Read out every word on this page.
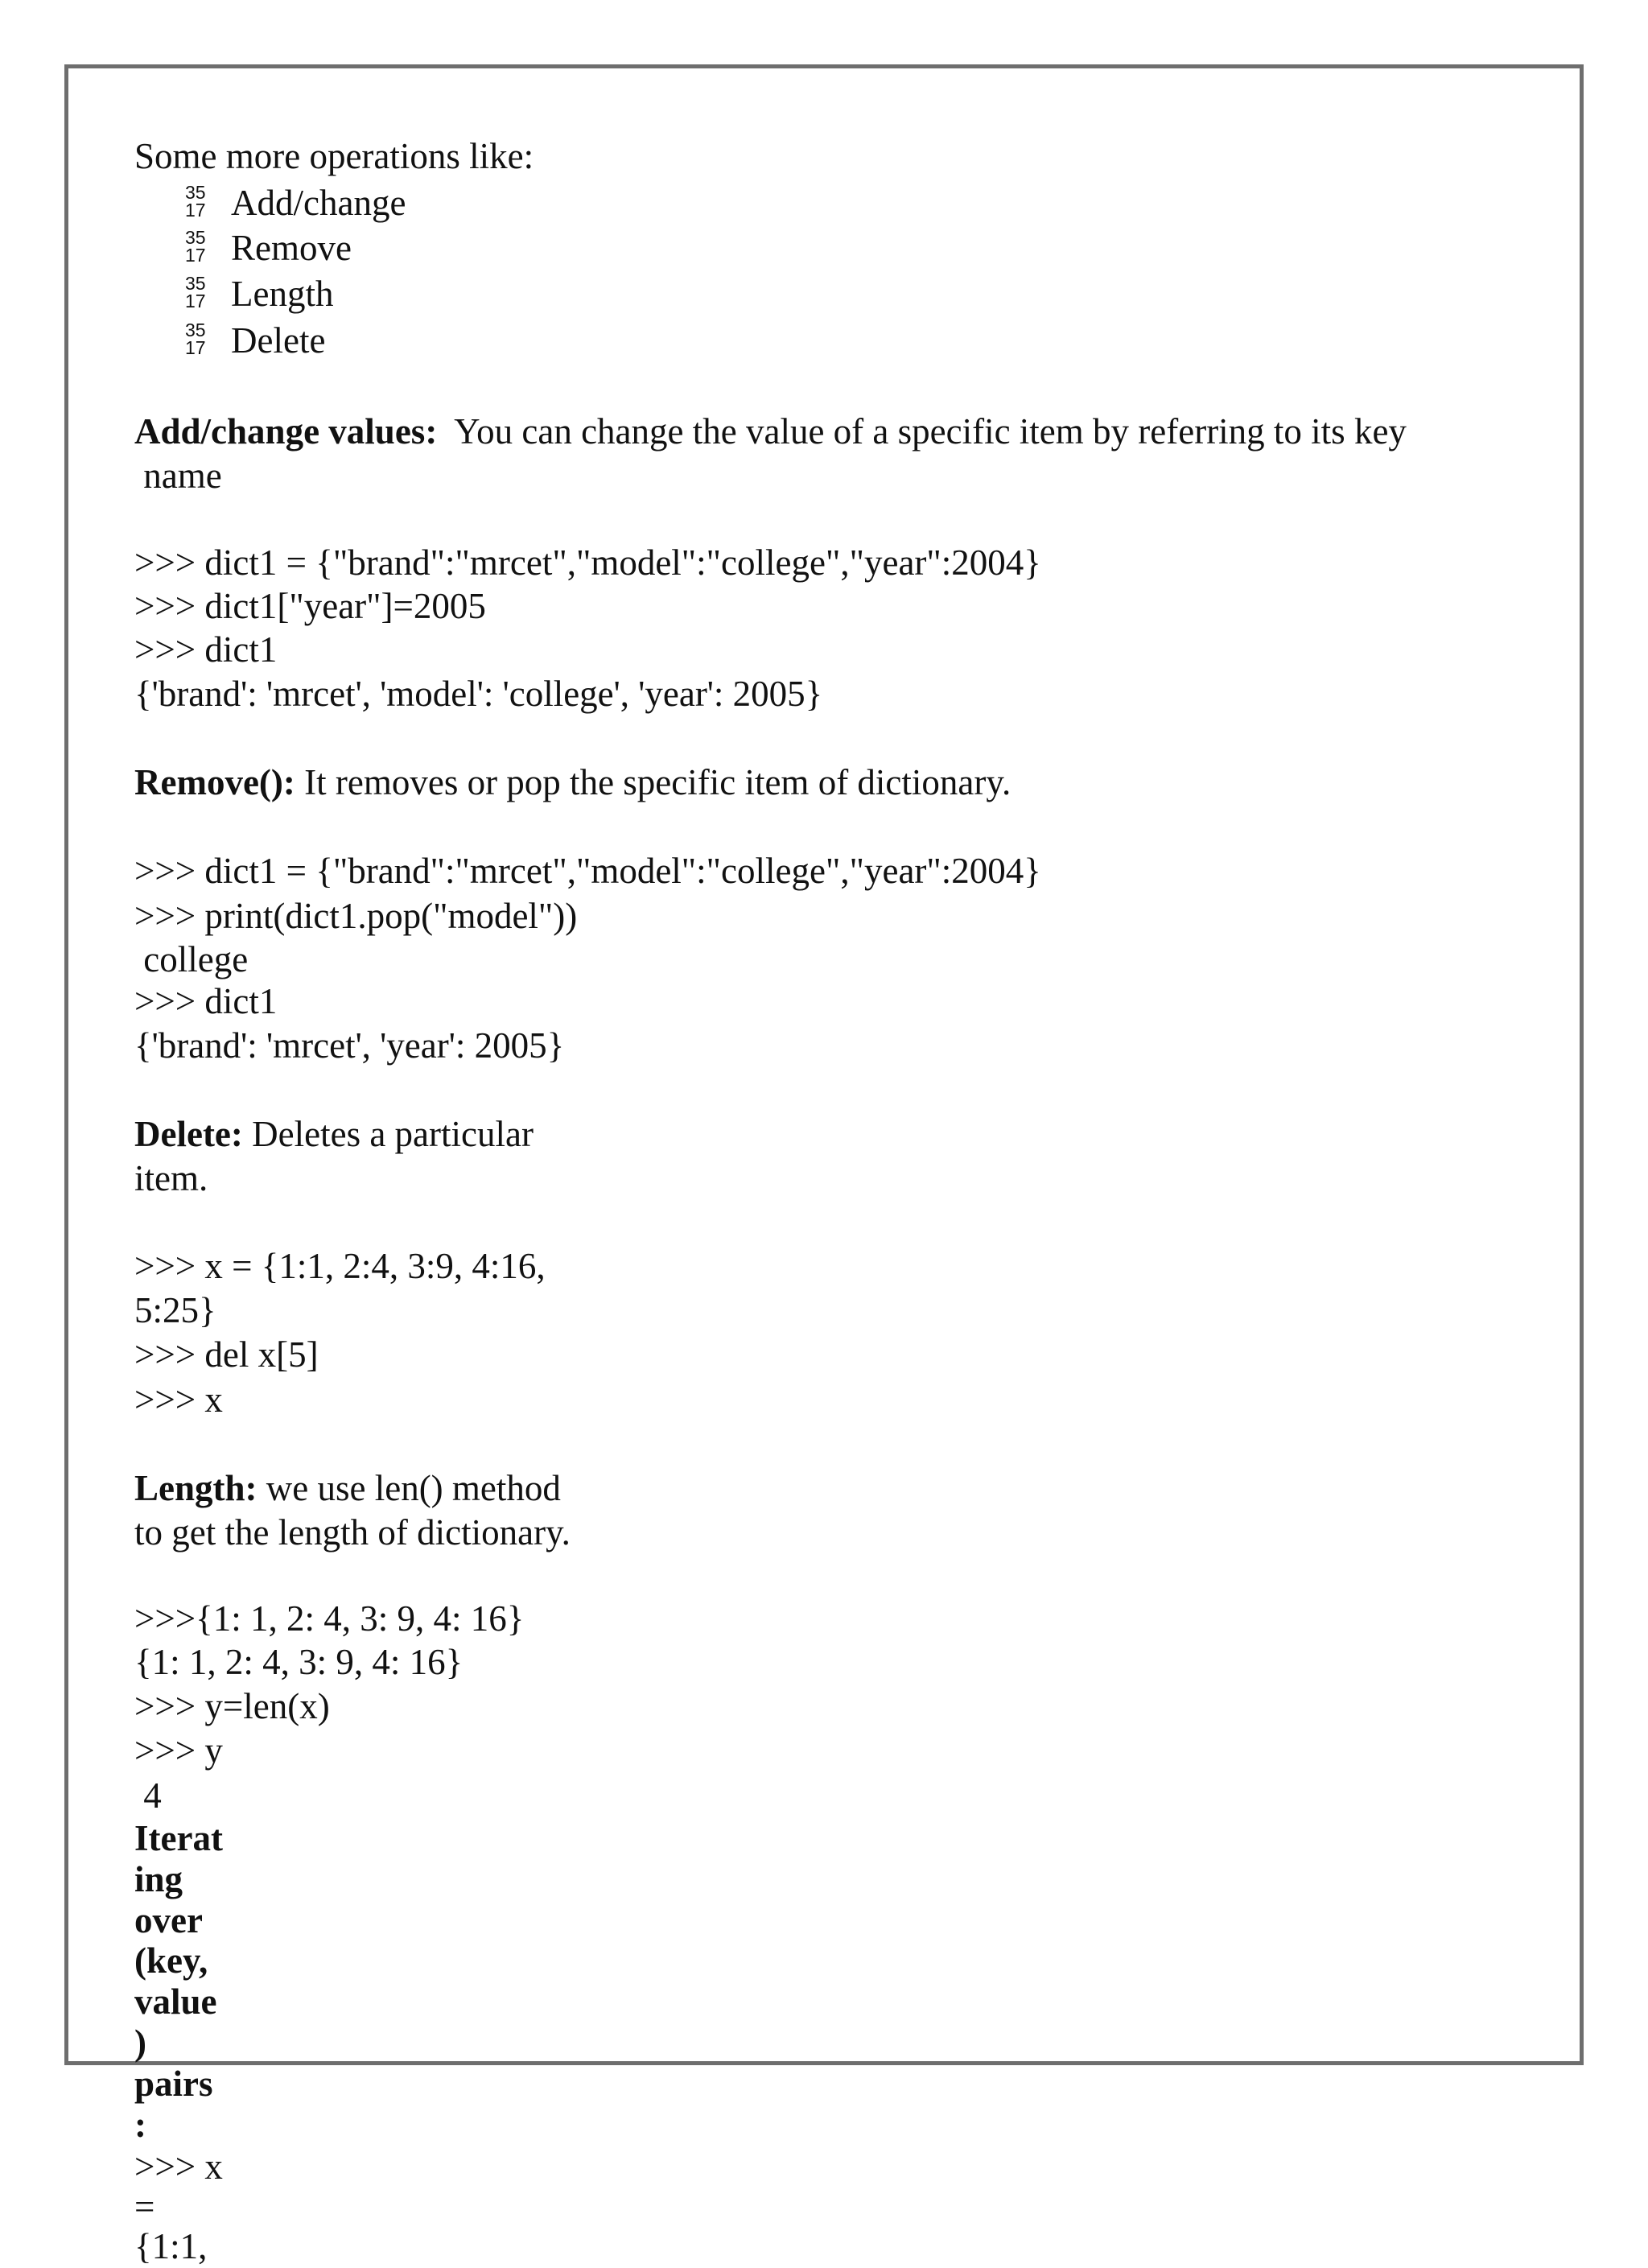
Some more operations like:

35
17

Add/change

35
17

Remove

35
17

Length

35
17

Delete

Add/change values:  You can change the value of a specific item by referring to its key
name
>>> dict1 = {"brand":"mrcet","model":"college","year":2004}
>>> dict1["year"]=2005
>>> dict1
{'brand': 'mrcet', 'model': 'college', 'year': 2005}
Remove(): It removes or pop the specific item of dictionary.
>>> dict1 = {"brand":"mrcet","model":"college","year":2004}
>>> print(dict1.pop("model"))
college
>>> dict1
{'brand': 'mrcet', 'year': 2005}
Delete: Deletes a particular
item.
>>> x = {1:1, 2:4, 3:9, 4:16,
5:25}
>>> del x[5]
>>> x
Length: we use len() method
to get the length of dictionary.
>>>{1: 1, 2: 4, 3: 9, 4: 16}
{1: 1, 2: 4, 3: 9, 4: 16}
>>> y=len(x)
>>> y
4
Iterat
ing
over
(key,
value
)
pairs
:
>>> x
=
{1:1,
